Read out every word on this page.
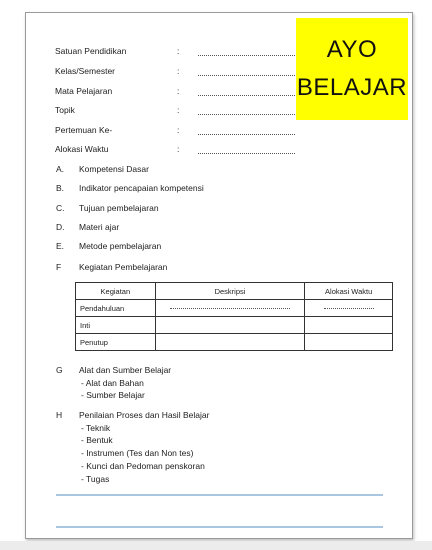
AYO
BELAJAR
Satuan Pendidikan	:
Kelas/Semester	:
Mata Pelajaran	:
Topik	:
Pertemuan Ke-	:
Alokasi Waktu	:
A. Kompetensi Dasar
B. Indikator pencapaian kompetensi
C. Tujuan pembelajaran
D. Materi ajar
E. Metode pembelajaran
F Kegiatan Pembelajaran
Kegiatan	Deskripsi	Alokasi Waktu
Pendahuluan	

Inti		
Penutup		
G Alat dan Sumber Belajar
- Alat dan Bahan
- Sumber Belajar
H Penilaian Proses dan Hasil Belajar
- Teknik
- Bentuk
- Instrumen (Tes dan Non tes)
- Kunci dan Pedoman penskoran
- Tugas
